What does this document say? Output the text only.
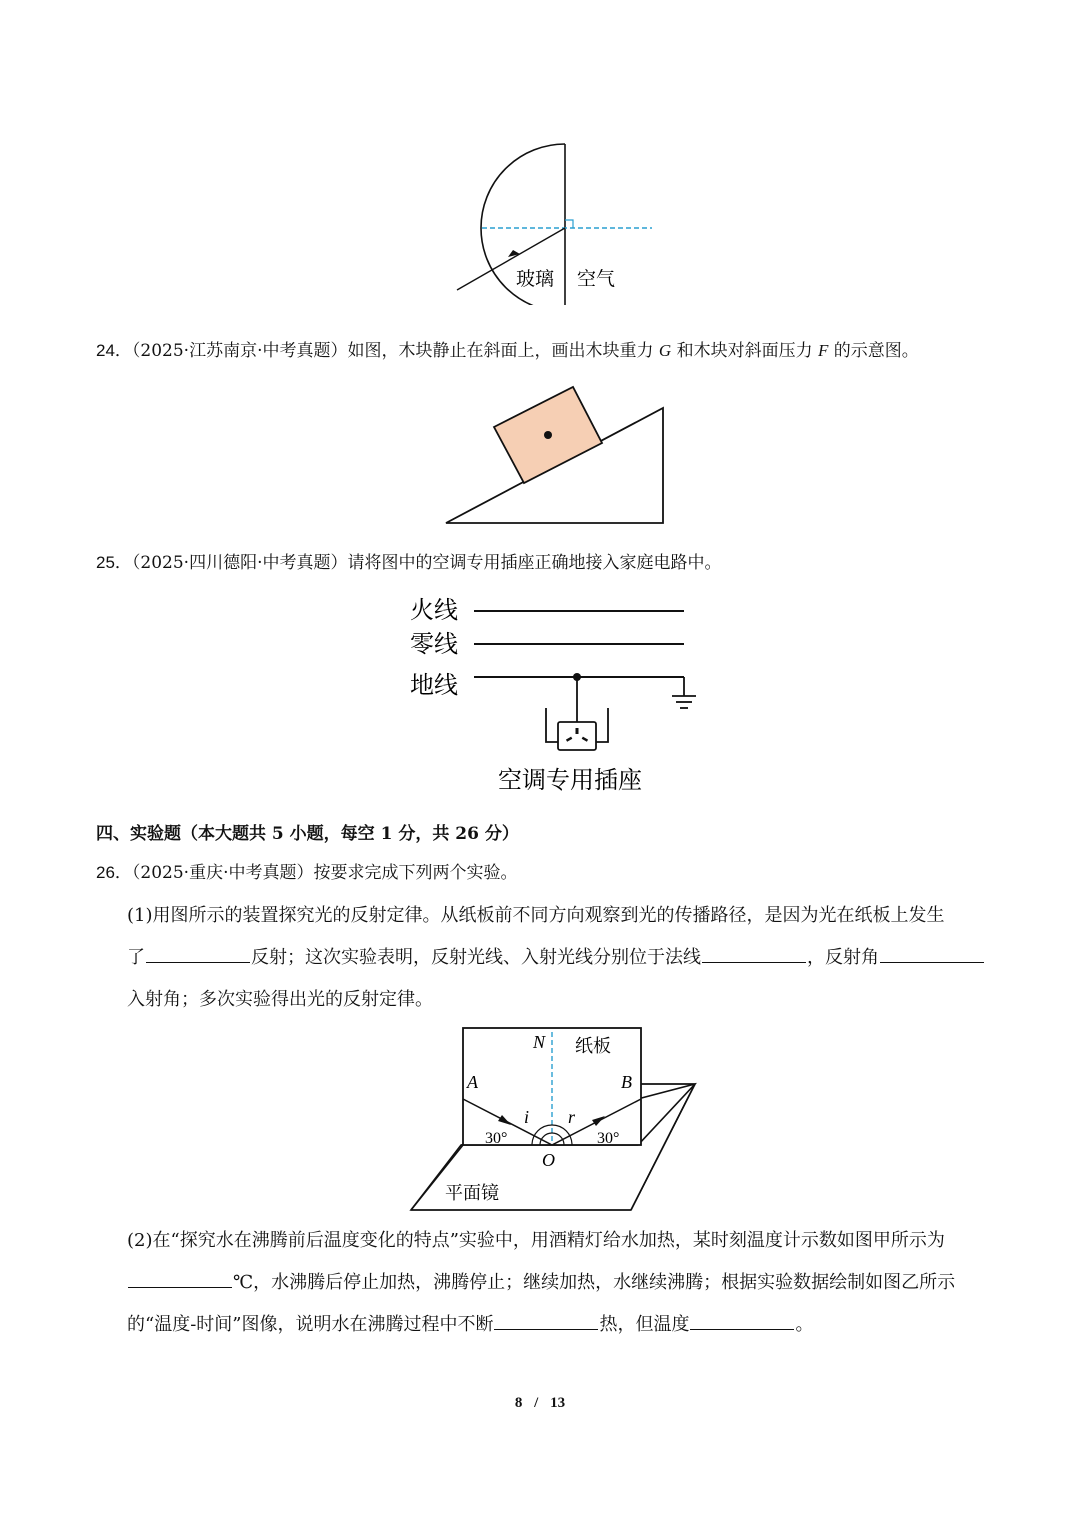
玻璃 空气
24．（2025·江苏南京·中考真题）如图，木块静止在斜面上，画出木块重力 G 和木块对斜面压力 F 的示意图。
25．（2025·四川德阳·中考真题）请将图中的空调专用插座正确地接入家庭电路中。
火线
零线
地线
空调专用插座
四、实验题（本大题共 5 小题，每空 1 分，共 26 分）
26．（2025·重庆·中考真题）按要求完成下列两个实验。
(1)用图所示的装置探究光的反射定律。从纸板前不同方向观察到光的传播路径，是因为光在纸板上发生
了	反射；这次实验表明，反射光线、入射光线分别位于法线	，反射角
入射角；多次实验得出光的反射定律。
N 纸板
A	B
i r
30°	30°
O
平面镜
(2)在“探究水在沸腾前后温度变化的特点”实验中，用酒精灯给水加热，某时刻温度计示数如图甲所示为
℃，水沸腾后停止加热，沸腾停止；继续加热，水继续沸腾；根据实验数据绘制如图乙所示
的“温度-时间”图像，说明水在沸腾过程中不断	热，但温度	。
8 / 13
